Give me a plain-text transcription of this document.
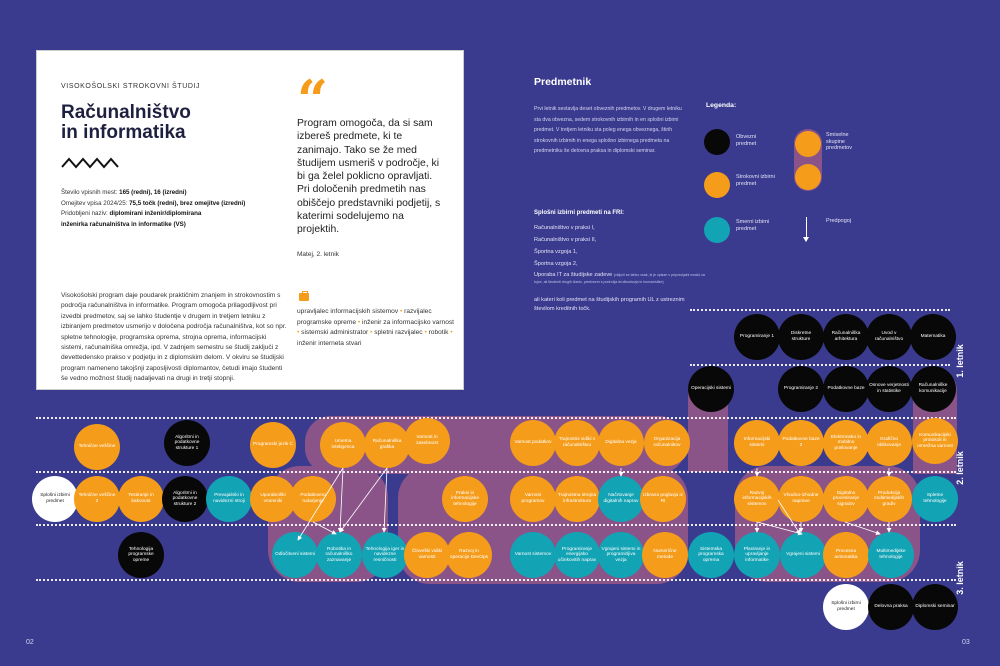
VISOKOŠOLSKI STROKOVNI ŠTUDIJ
Računalništvo
in informatika
Število vpisnih mest: 165 (redni), 16 (izredni)
Omejitev vpisa 2024/25: 75,5 točk (redni), brez omejitve (izredni)
Pridobljeni naziv: diplomirani inženir/diplomirana
inženirka računalništva in informatike (VS)
Visokošolski program daje poudarek praktičnim znanjem in strokovnostim s področja računalništva in informatike. Program omogoča prilagodljivost pri izvedbi predmetov, saj se lahko študentje v drugem in tretjem letniku z izbiranjem predmetov usmerijo v določena področja računalništva, kot so npr. spletne tehnologije, programska oprema, strojna oprema, informacijski sistemi, računalniška omrežja, ipd. V zadnjem semestru se študij zaključi z devettedensko prakso v podjetju in z diplomskim delom. V okviru se študijski program nameneno takojšnji zaposljivosti diplomantov, četudi imajo študenti še vedno možnost študij nadaljevati na drugi in tretji stopnji.
“
Program omogoča, da si sam izbereš predmete, ki te zanimajo. Tako se že med študijem usmeriš v področje, ki bi ga želel poklicno opravljati. Pri določenih predmetih nas obiščejo predstavniki podjetij, s katerimi sodelujemo na projektih.
Matej, 2. letnik
upravljalec informacijskih sistemov • razvijalec programske opreme • inženir za informacijsko varnost • sistemski administrator • spletni razvijalec • robotik • inženir interneta stvari
Predmetnik
Prvi letnik sestavlja deset obveznih predmetov. V drugem letniku sta dva obvezna, sedem strokovnih izbirnih in en splošni izbirni predmet. V tretjem letniku sta poleg enega obveznega, štirih strokovnih izbirnih in enega splošno izbirnega predmeta na predmetniku še delovna praksa in diplomski seminar.
Splošni izbirni predmeti na FRI:
Računalništvo v praksi I,
Računalništvo v praksi II,
Športna vzgoja 1,
Športna vzgoja 2,
Uporaba IT za študijske zadeve (vključi se lahko vsak, ki je vpisan v pripravljalni modul za tujce, ali študenti drugih članic, predvsem s področja družboslovja in humanistike)
ali kateri koli predmet na študijskih programih UL z ustreznim številom kreditnih točk.
Legenda:
Obvezni predmet
Strokovni izbirni predmet
Smerni izbirni predmet
Smiselne skupine predmetov
Predpogoj
1. letnik
2. letnik
3. letnik
Programiranje 1
Diskretne strukture
Računalniška arhitektura
Uvod v računalništvo
Matematika
Operacijski sistemi	Programiranje 2	Podatkovne baze
Osnove verjetnosti in statistike
Računalniške komunikacije
Tehnične veščine
Algoritmi in podatkovne strukture 1
Programski jezik C
Umetna inteligenca
Računalniška grafika
Varnost in zasebnost	Varnost podatkov
Trajnostni vidiki v računalništvu
Digitalna vezja
Organizacija računalnikov
Informacijski sistemi
Podatkovne baze 2
Elektronsko in mobilno poslovanje
Grafično oblikovanje
Komunikacijski protokoli in omrežna varnost
Splošni izbirni predmet
Tehnične veščine 2
Testiranje in kakovost
Algoritmi in podatkovne strukture 2
Prevajalniki in navidezni stroji
Uporabniški vmesniki
Podatkovno rudarjenje
Praksi in informacijske tehnologije
Varnost programov
Trajnostna strojna infrastruktura
Načrtovanje digitalnih naprav
Izbrana poglavja iz RI
Razvoj informacijskih sistemov
Vhodno-izhodne naprave
Digitalno procesiranje signalov
Produkcija multimedijskih gradiv
Spletne tehnologije
Tehnologija programske opreme
Odločitveni sistemi
Robotika in računalniško zaznavanje
Tehnologija iger in navidezne resničnosti
Človeški vidiki varnosti
Razvoj in operacije DevOps
Varnost sistemov
Programiranje energijsko učinkovitih naprav
Vgrajeni sistemi in programirljiva vezja
Numerične metode
Sistemska programska oprema
Planiranje in upravljanje informatike
Vgrajeni sistemi
Procesna avtomatika
Multimedijske tehnologije
Splošni izbirni predmet
Delovna praksa	Diplomski seminar
02	03
